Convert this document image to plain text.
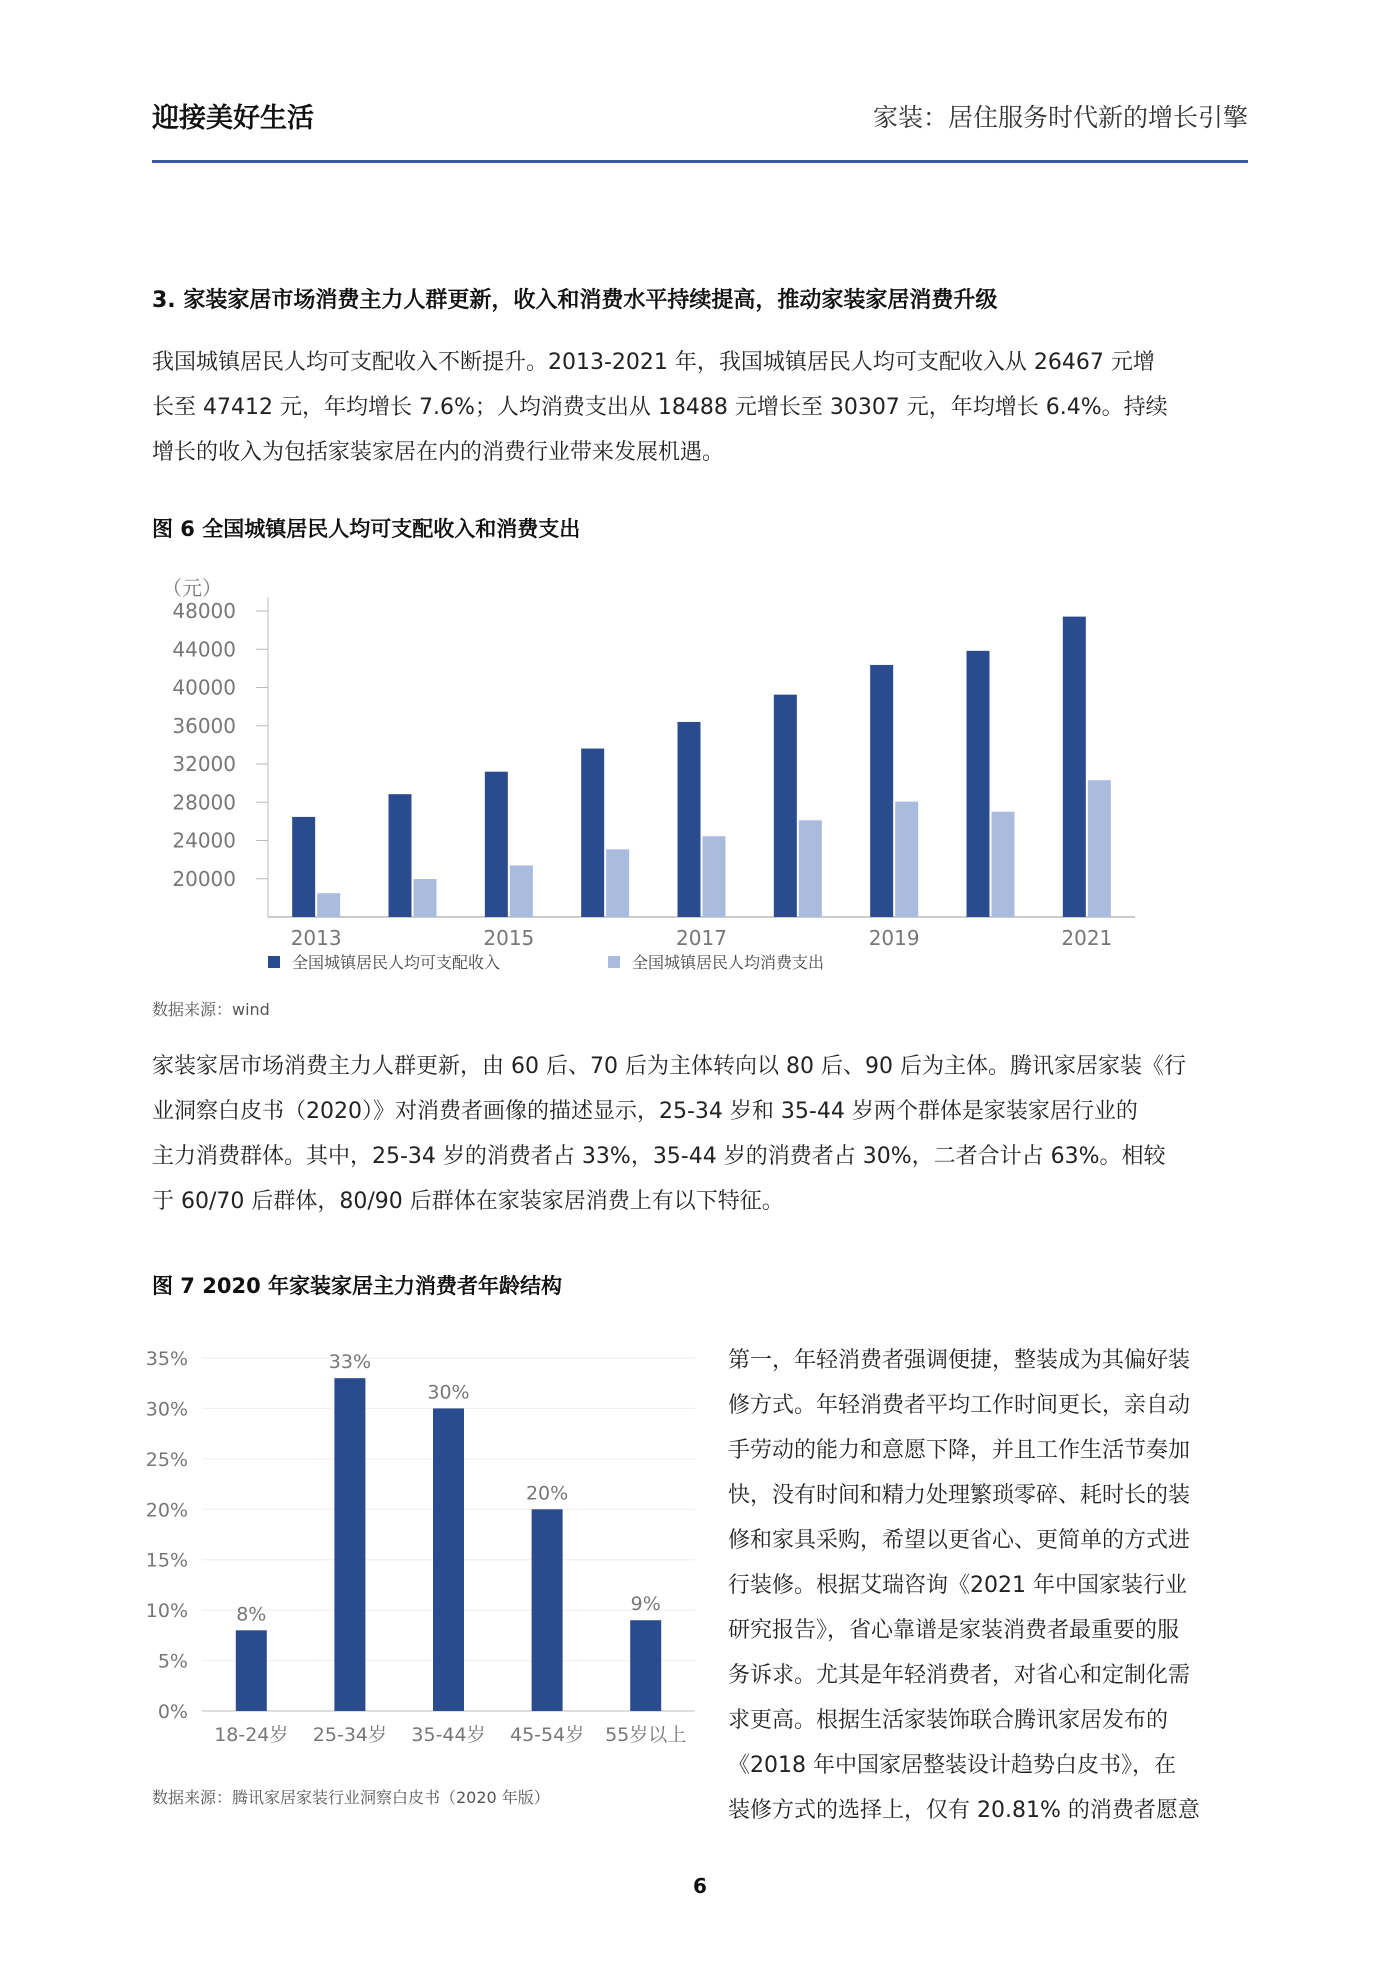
迎接美好生活	家装：居住服务时代新的增长引擎
3. 家装家居市场消费主力人群更新，收入和消费水平持续提高，推动家装家居消费升级
我国城镇居民人均可支配收入不断提升。2013-2021 年，我国城镇居民人均可支配收入从 26467 元增
长至 47412 元，年均增长 7.6%；人均消费支出从 18488 元增长至 30307 元，年均增长 6.4%。持续
增长的收入为包括家装家居在内的消费行业带来发展机遇。
图 6 全国城镇居民人均可支配收入和消费支出
（元）
20000
24000
28000
32000
36000
40000
44000
48000
2013	2015	2017	2019	2021
全国城镇居民人均可支配收入	全国城镇居民人均消费支出
数据来源：wind
家装家居市场消费主力人群更新，由 60 后、70 后为主体转向以 80 后、90 后为主体。腾讯家居家装《行
业洞察白皮书（2020）》对消费者画像的描述显示，25-34 岁和 35-44 岁两个群体是家装家居行业的
主力消费群体。其中，25-34 岁的消费者占 33%，35-44 岁的消费者占 30%，二者合计占 63%。相较
于 60/70 后群体，80/90 后群体在家装家居消费上有以下特征。
图 7 2020 年家装家居主力消费者年龄结构
0%
5%
10%
15%
20%
25%
30%
35%
8%
18-24岁
33%
25-34岁
30%
35-44岁
20%
45-54岁
9%
55岁以上
数据来源：腾讯家居家装行业洞察白皮书（2020 年版）
第一，年轻消费者强调便捷，整装成为其偏好装
修方式。年轻消费者平均工作时间更长，亲自动
手劳动的能力和意愿下降，并且工作生活节奏加
快，没有时间和精力处理繁琐零碎、耗时长的装
修和家具采购，希望以更省心、更简单的方式进
行装修。根据艾瑞咨询《2021 年中国家装行业
研究报告》，省心靠谱是家装消费者最重要的服
务诉求。尤其是年轻消费者，对省心和定制化需
求更高。根据生活家装饰联合腾讯家居发布的
《2018 年中国家居整装设计趋势白皮书》，在
装修方式的选择上，仅有 20.81% 的消费者愿意
6
